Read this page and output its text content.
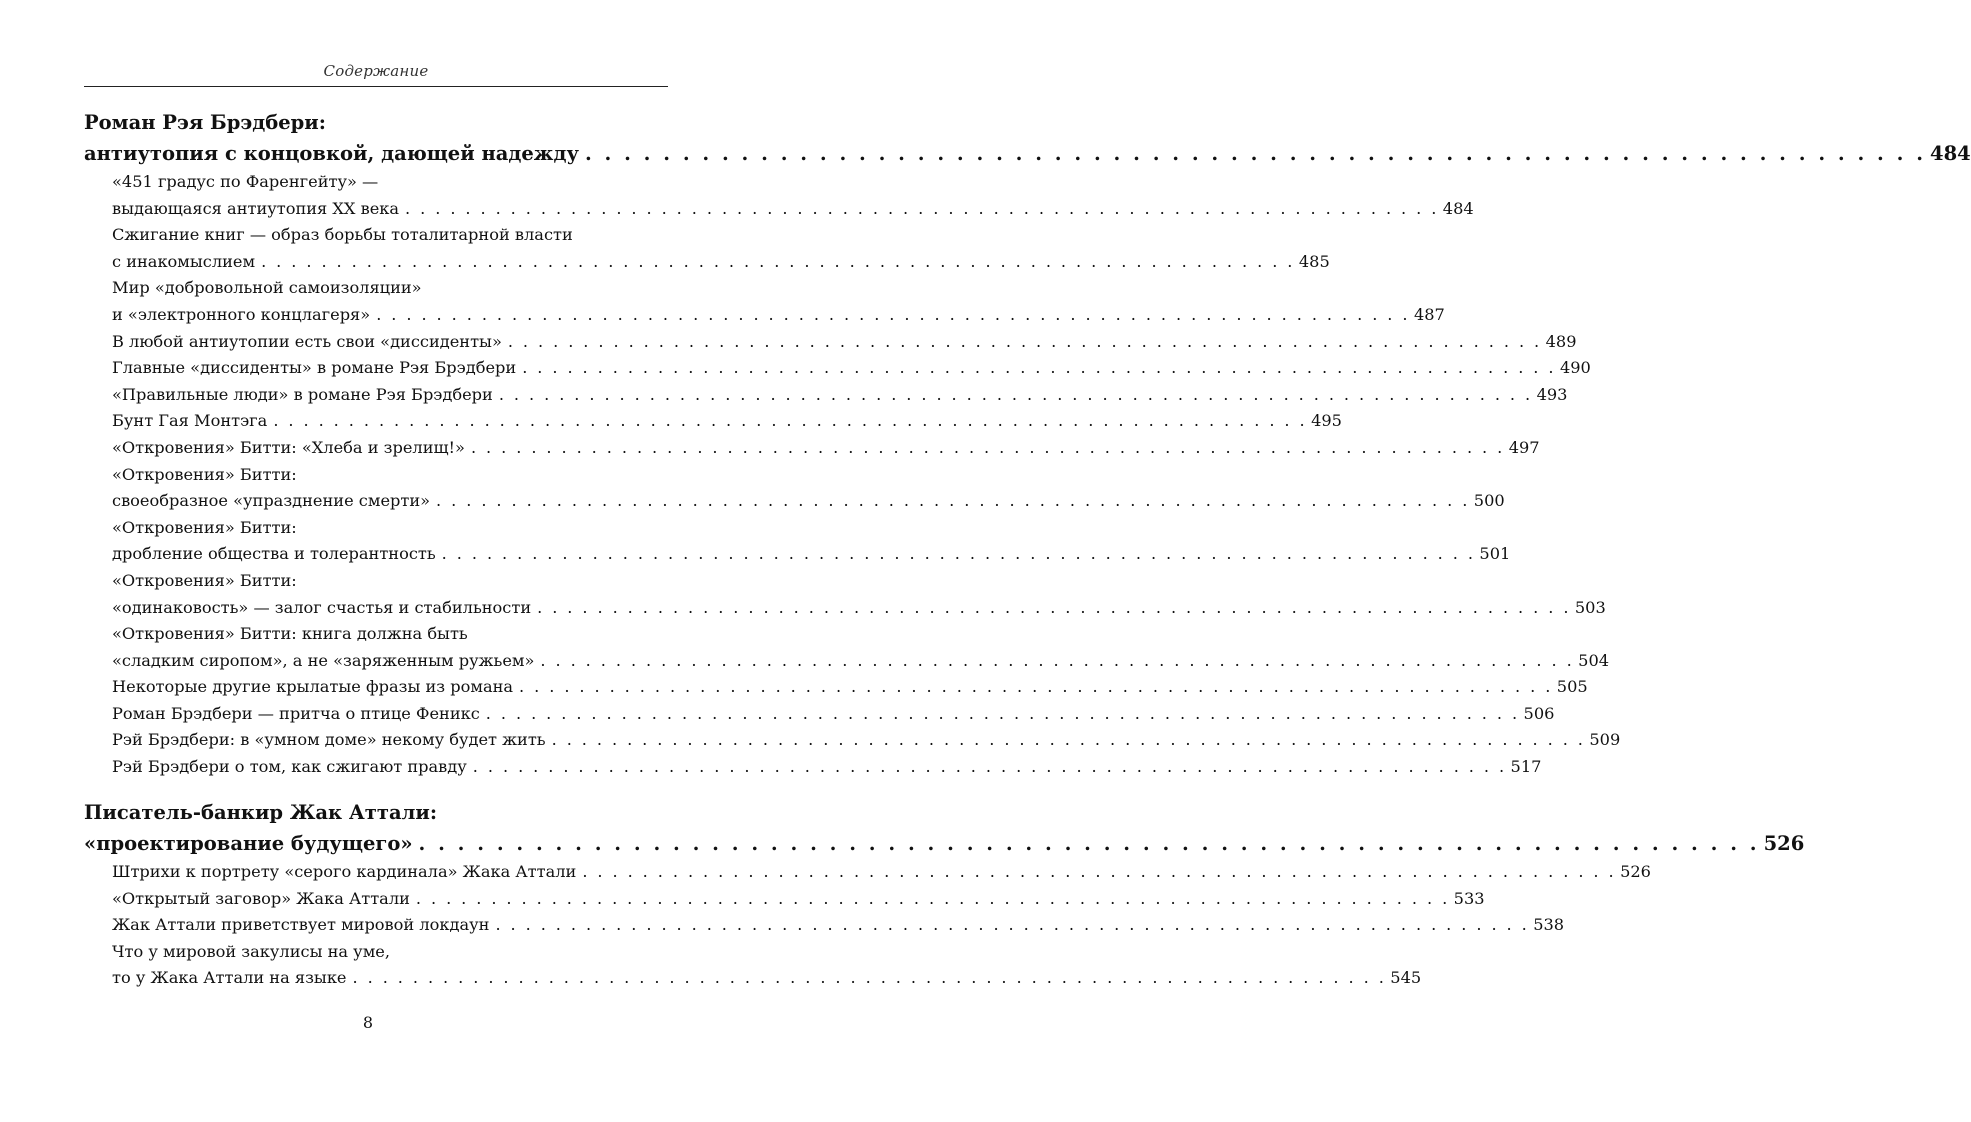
Содержание
Роман Рэя Брэдбери:
антиутопия с концовкой, дающей надежду . . . . . . . . . . . . . . . . . . . . . . . . . . . . . . . . . . . . . . . . . . . . . . . . . . . . . . . . . . . . . . . . . . . . . 484
«451 градус по Фаренгейту» —
выдающаяся антиутопия XX века . . . . . . . . . . . . . . . . . . . . . . . . . . . . . . . . . . . . . . . . . . . . . . . . . . . . . . . . . . . . . . . . . . . . . 484
Сжигание книг — образ борьбы тоталитарной власти
с инакомыслием . . . . . . . . . . . . . . . . . . . . . . . . . . . . . . . . . . . . . . . . . . . . . . . . . . . . . . . . . . . . . . . . . . . . . 485
Мир «добровольной самоизоляции»
и «электронного концлагеря» . . . . . . . . . . . . . . . . . . . . . . . . . . . . . . . . . . . . . . . . . . . . . . . . . . . . . . . . . . . . . . . . . . . . . 487
В любой антиутопии есть свои «диссиденты» . . . . . . . . . . . . . . . . . . . . . . . . . . . . . . . . . . . . . . . . . . . . . . . . . . . . . . . . . . . . . . . . . . . . . 489
Главные «диссиденты» в романе Рэя Брэдбери . . . . . . . . . . . . . . . . . . . . . . . . . . . . . . . . . . . . . . . . . . . . . . . . . . . . . . . . . . . . . . . . . . . . . 490
«Правильные люди» в романе Рэя Брэдбери . . . . . . . . . . . . . . . . . . . . . . . . . . . . . . . . . . . . . . . . . . . . . . . . . . . . . . . . . . . . . . . . . . . . . 493
Бунт Гая Монтэга . . . . . . . . . . . . . . . . . . . . . . . . . . . . . . . . . . . . . . . . . . . . . . . . . . . . . . . . . . . . . . . . . . . . . 495
«Откровения» Битти: «Хлеба и зрелищ!» . . . . . . . . . . . . . . . . . . . . . . . . . . . . . . . . . . . . . . . . . . . . . . . . . . . . . . . . . . . . . . . . . . . . . 497
«Откровения» Битти:
своеобразное «упразднение смерти» . . . . . . . . . . . . . . . . . . . . . . . . . . . . . . . . . . . . . . . . . . . . . . . . . . . . . . . . . . . . . . . . . . . . . 500
«Откровения» Битти:
дробление общества и толерантность . . . . . . . . . . . . . . . . . . . . . . . . . . . . . . . . . . . . . . . . . . . . . . . . . . . . . . . . . . . . . . . . . . . . . 501
«Откровения» Битти:
«одинаковость» — залог счастья и стабильности . . . . . . . . . . . . . . . . . . . . . . . . . . . . . . . . . . . . . . . . . . . . . . . . . . . . . . . . . . . . . . . . . . . . . 503
«Откровения» Битти: книга должна быть
«сладким сиропом», а не «заряженным ружьем» . . . . . . . . . . . . . . . . . . . . . . . . . . . . . . . . . . . . . . . . . . . . . . . . . . . . . . . . . . . . . . . . . . . . . 504
Некоторые другие крылатые фразы из романа . . . . . . . . . . . . . . . . . . . . . . . . . . . . . . . . . . . . . . . . . . . . . . . . . . . . . . . . . . . . . . . . . . . . . 505
Роман Брэдбери — притча о птице Феникс . . . . . . . . . . . . . . . . . . . . . . . . . . . . . . . . . . . . . . . . . . . . . . . . . . . . . . . . . . . . . . . . . . . . . 506
Рэй Брэдбери: в «умном доме» некому будет жить . . . . . . . . . . . . . . . . . . . . . . . . . . . . . . . . . . . . . . . . . . . . . . . . . . . . . . . . . . . . . . . . . . . . . 509
Рэй Брэдбери о том, как сжигают правду . . . . . . . . . . . . . . . . . . . . . . . . . . . . . . . . . . . . . . . . . . . . . . . . . . . . . . . . . . . . . . . . . . . . . 517
Писатель-банкир Жак Аттали:
«проектирование будущего» . . . . . . . . . . . . . . . . . . . . . . . . . . . . . . . . . . . . . . . . . . . . . . . . . . . . . . . . . . . . . . . . . . . . . 526
Штрихи к портрету «серого кардинала» Жака Аттали . . . . . . . . . . . . . . . . . . . . . . . . . . . . . . . . . . . . . . . . . . . . . . . . . . . . . . . . . . . . . . . . . . . . . 526
«Открытый заговор» Жака Аттали . . . . . . . . . . . . . . . . . . . . . . . . . . . . . . . . . . . . . . . . . . . . . . . . . . . . . . . . . . . . . . . . . . . . . 533
Жак Аттали приветствует мировой локдаун . . . . . . . . . . . . . . . . . . . . . . . . . . . . . . . . . . . . . . . . . . . . . . . . . . . . . . . . . . . . . . . . . . . . . 538
Что у мировой закулисы на уме,
то у Жака Аттали на языке . . . . . . . . . . . . . . . . . . . . . . . . . . . . . . . . . . . . . . . . . . . . . . . . . . . . . . . . . . . . . . . . . . . . . 545
8
